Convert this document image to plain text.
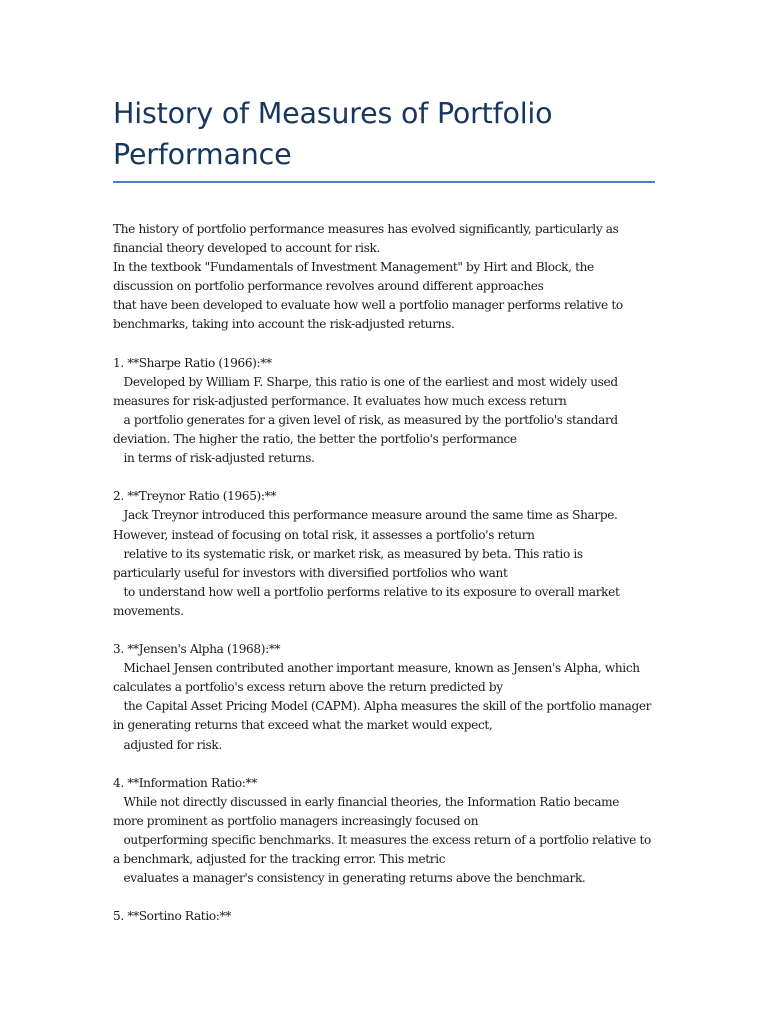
History of Measures of Portfolio
Performance
The history of portfolio performance measures has evolved significantly, particularly as
financial theory developed to account for risk.
In the textbook "Fundamentals of Investment Management" by Hirt and Block, the
discussion on portfolio performance revolves around different approaches
that have been developed to evaluate how well a portfolio manager performs relative to
benchmarks, taking into account the risk-adjusted returns.
1. **Sharpe Ratio (1966):**
Developed by William F. Sharpe, this ratio is one of the earliest and most widely used
measures for risk-adjusted performance. It evaluates how much excess return
a portfolio generates for a given level of risk, as measured by the portfolio's standard
deviation. The higher the ratio, the better the portfolio's performance
in terms of risk-adjusted returns.
2. **Treynor Ratio (1965):**
Jack Treynor introduced this performance measure around the same time as Sharpe.
However, instead of focusing on total risk, it assesses a portfolio's return
relative to its systematic risk, or market risk, as measured by beta. This ratio is
particularly useful for investors with diversified portfolios who want
to understand how well a portfolio performs relative to its exposure to overall market
movements.
3. **Jensen's Alpha (1968):**
Michael Jensen contributed another important measure, known as Jensen's Alpha, which
calculates a portfolio's excess return above the return predicted by
the Capital Asset Pricing Model (CAPM). Alpha measures the skill of the portfolio manager
in generating returns that exceed what the market would expect,
adjusted for risk.
4. **Information Ratio:**
While not directly discussed in early financial theories, the Information Ratio became
more prominent as portfolio managers increasingly focused on
outperforming specific benchmarks. It measures the excess return of a portfolio relative to
a benchmark, adjusted for the tracking error. This metric
evaluates a manager's consistency in generating returns above the benchmark.
5. **Sortino Ratio:**
